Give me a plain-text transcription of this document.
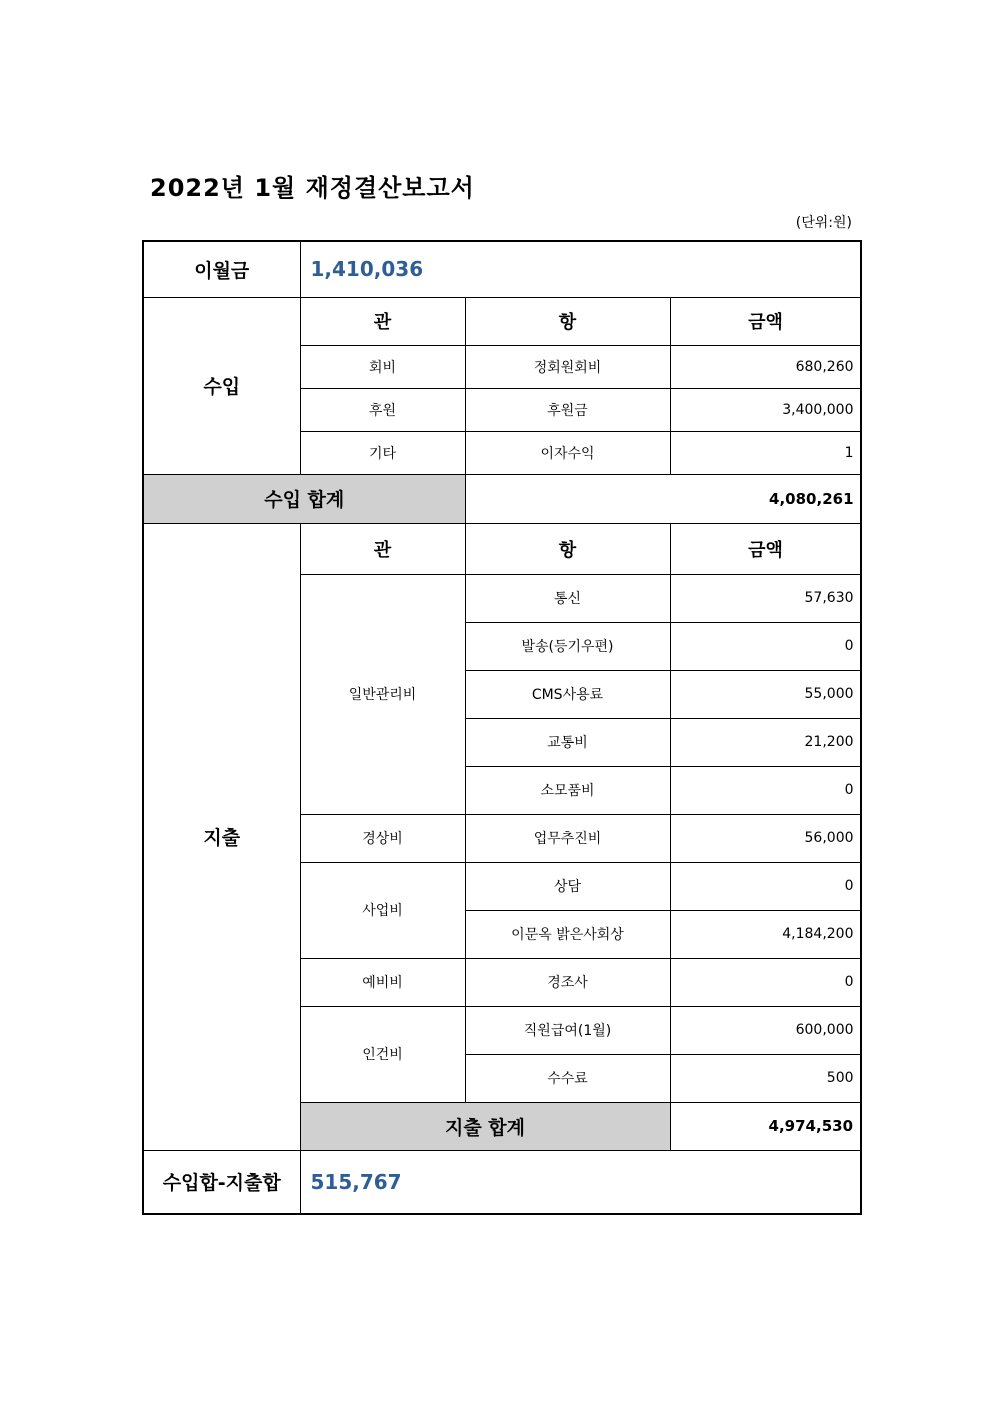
2022년 1월 재정결산보고서
(단위:원)
이월금	1,410,036		
수입	관	항	금액
	회비	정회원회비	680,260
	후원	후원금	3,400,000
	기타	이자수익	1
수입 합계		4,080,261	
지출	관	항	금액
	일반관리비	통신	57,630
		발송(등기우편)	0
		CMS사용료	55,000
		교통비	21,200
		소모품비	0
	경상비	업무추진비	56,000
	사업비	상담	0
		이문옥 밝은사회상	4,184,200
	예비비	경조사	0
	인건비	직원급여(1월)	600,000
		수수료	500
	지출 합계		4,974,530
수입합-지출합	515,767		
